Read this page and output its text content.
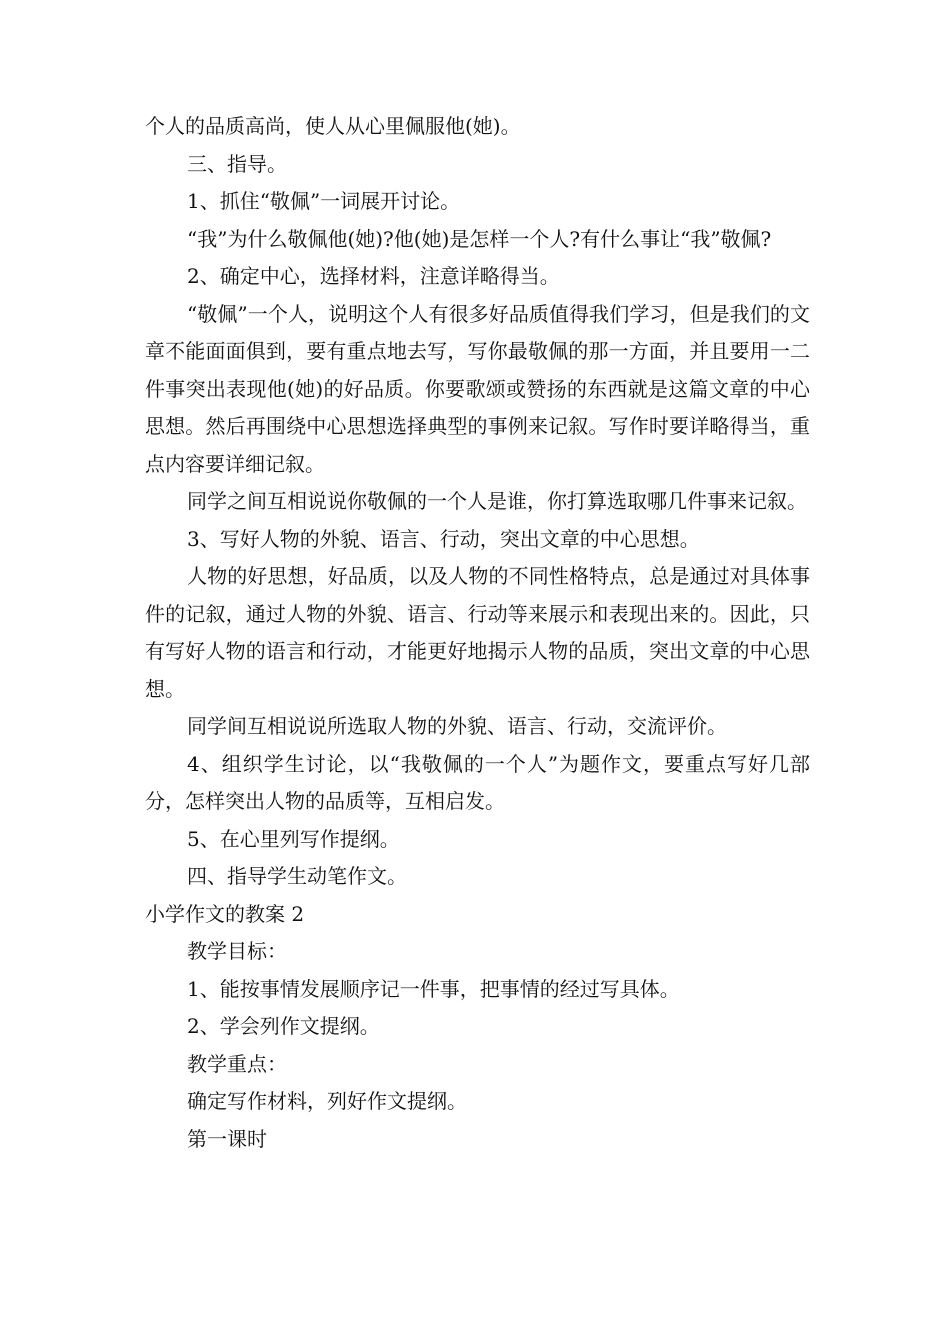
个人的品质高尚，使人从心里佩服他(她)。

三、指导。

1、抓住“敬佩”一词展开讨论。

“我”为什么敬佩他(她)?他(她)是怎样一个人?有什么事让“我”敬佩?

2、确定中心，选择材料，注意详略得当。

“敬佩”一个人，说明这个人有很多好品质值得我们学习，但是我们的文章不能面面俱到，要有重点地去写，写你最敬佩的那一方面，并且要用一二件事突出表现他(她)的好品质。你要歌颂或赞扬的东西就是这篇文章的中心思想。然后再围绕中心思想选择典型的事例来记叙。写作时要详略得当，重点内容要详细记叙。

同学之间互相说说你敬佩的一个人是谁，你打算选取哪几件事来记叙。

3、写好人物的外貌、语言、行动，突出文章的中心思想。

人物的好思想，好品质，以及人物的不同性格特点，总是通过对具体事件的记叙，通过人物的外貌、语言、行动等来展示和表现出来的。因此，只有写好人物的语言和行动，才能更好地揭示人物的品质，突出文章的中心思想。

同学间互相说说所选取人物的外貌、语言、行动，交流评价。

4、组织学生讨论，以“我敬佩的一个人”为题作文，要重点写好几部分，怎样突出人物的品质等，互相启发。

5、在心里列写作提纲。

四、指导学生动笔作文。

小学作文的教案 2

教学目标：

1、能按事情发展顺序记一件事，把事情的经过写具体。

2、学会列作文提纲。

教学重点：

确定写作材料，列好作文提纲。

第一课时
